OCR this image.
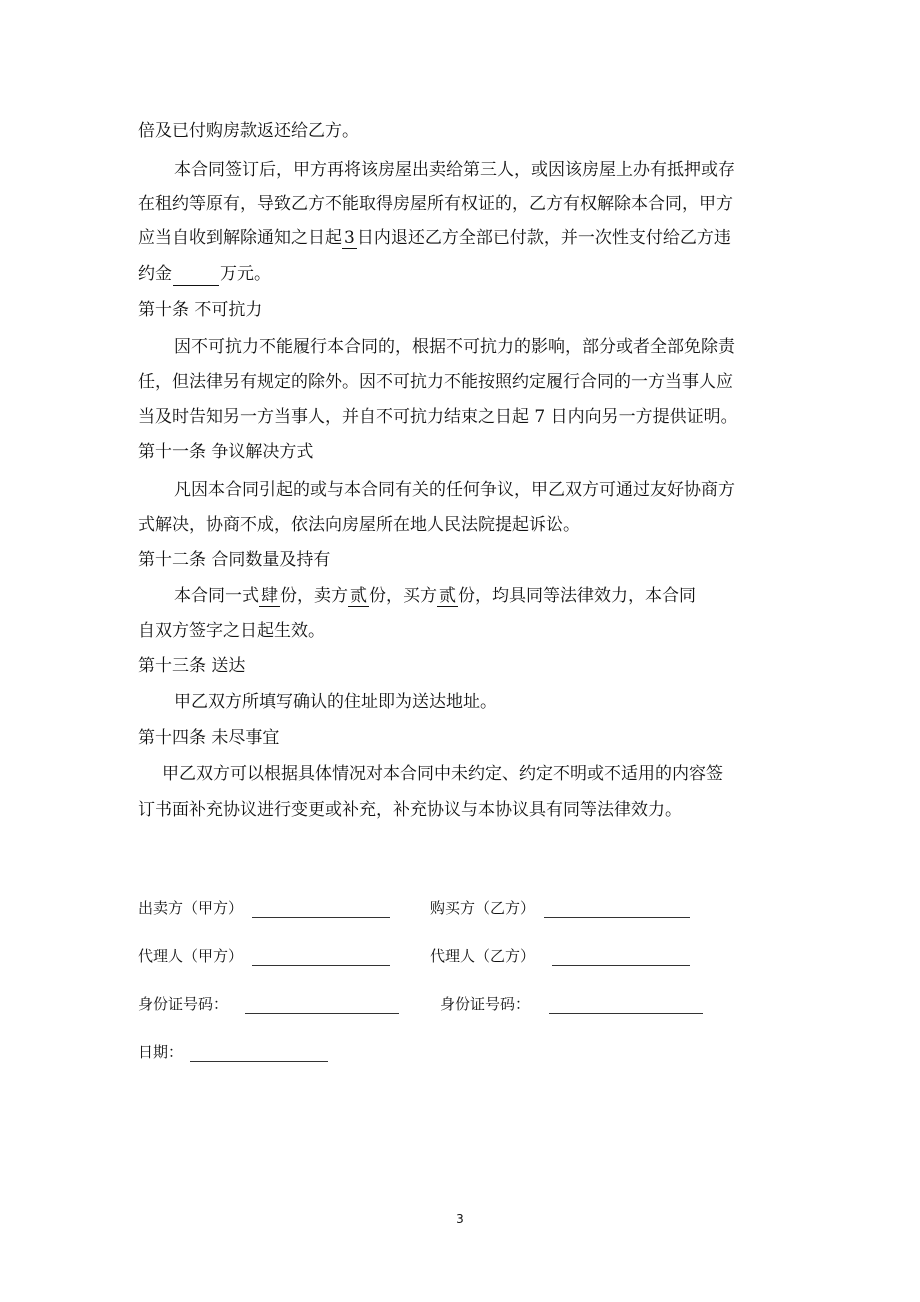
倍及已付购房款返还给乙方。
本合同签订后，甲方再将该房屋出卖给第三人，或因该房屋上办有抵押或存
在租约等原有，导致乙方不能取得房屋所有权证的，乙方有权解除本合同，甲方
应当自收到解除通知之日起 3 日内退还乙方全部已付款，并一次性支付给乙方违
约金	万元。
第十条 不可抗力
因不可抗力不能履行本合同的，根据不可抗力的影响，部分或者全部免除责
任，但法律另有规定的除外。因不可抗力不能按照约定履行合同的一方当事人应
当及时告知另一方当事人，并自不可抗力结束之日起 7 日内向另一方提供证明。
第十一条 争议解决方式
凡因本合同引起的或与本合同有关的任何争议，甲乙双方可通过友好协商方
式解决，协商不成，依法向房屋所在地人民法院提起诉讼。
第十二条 合同数量及持有
本合同一式 肆 份，卖方 贰 份，买方 贰 份，均具同等法律效力，本合同
自双方签字之日起生效。
第十三条 送达
甲乙双方所填写确认的住址即为送达地址。
第十四条 未尽事宜
甲乙双方可以根据具体情况对本合同中未约定、约定不明或不适用的内容签
订书面补充协议进行变更或补充，补充协议与本协议具有同等法律效力。
出卖方（甲方）	购买方（乙方）
代理人（甲方）	代理人（乙方）
身份证号码：	身份证号码：
日期：
3
